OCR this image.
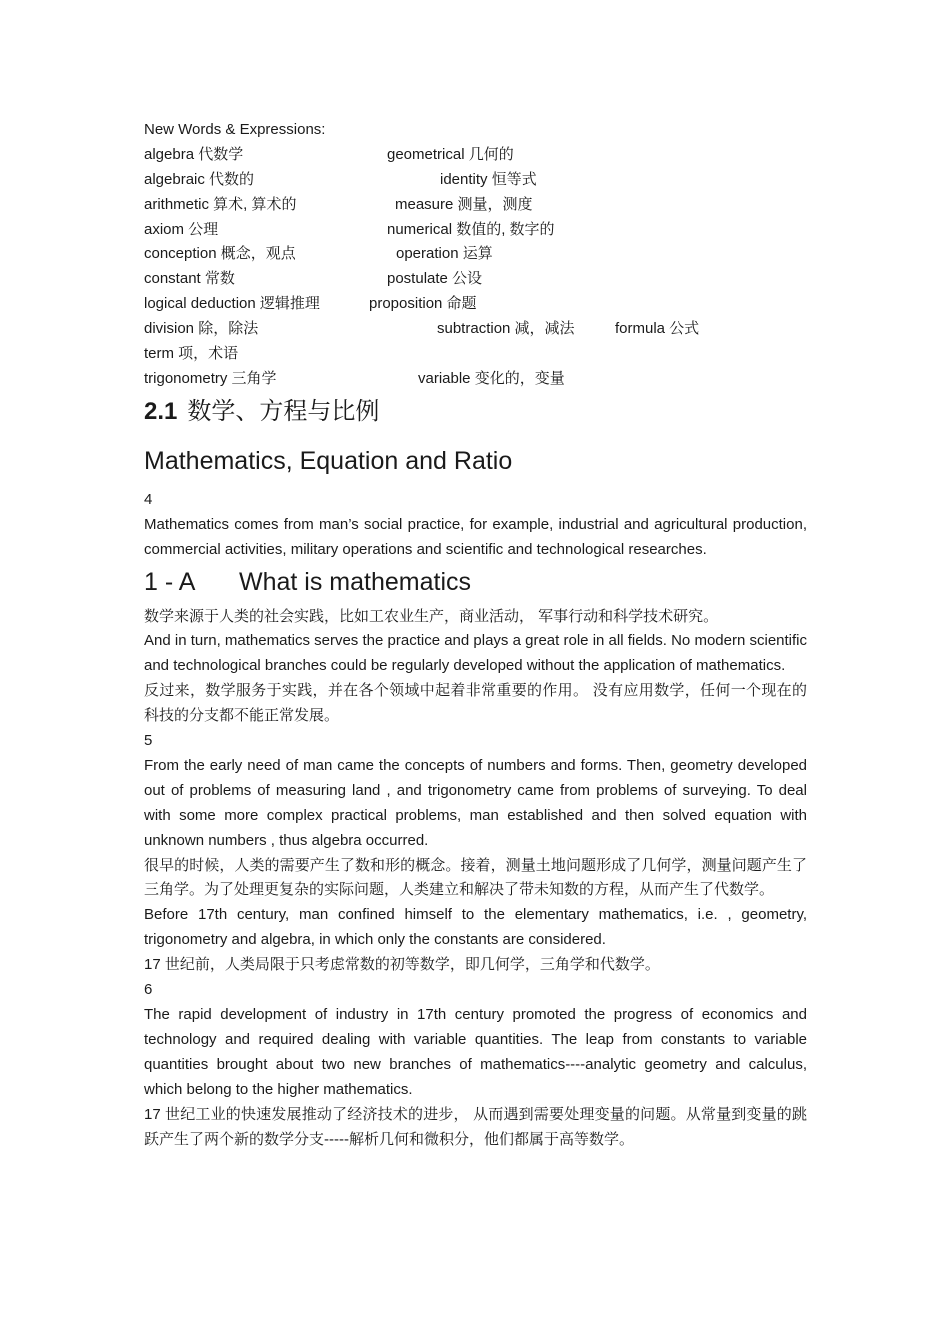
New Words & Expressions:
algebra 代数学	geometrical 几何的
algebraic 代数的	identity 恒等式
arithmetic 算术, 算术的	measure 测量，测度
axiom 公理	numerical 数值的, 数字的
conception 概念，观点	operation 运算
constant 常数	postulate 公设
logical deduction 逻辑推理	proposition 命题
division 除，除法	subtraction 减，减法	formula 公式
term 项，术语
trigonometry 三角学	variable 变化的，变量
2.1 数学、方程与比例
Mathematics, Equation and Ratio
4
Mathematics comes from man’s social practice, for example, industrial and agricultural production, commercial activities, military operations and scientific and technological researches.
1 - A What is mathematics
数学来源于人类的社会实践，比如工农业生产，商业活动， 军事行动和科学技术研究。
And in turn, mathematics serves the practice and plays a great role in all fields. No modern scientific and technological branches could be regularly developed without the application of mathematics.
反过来，数学服务于实践，并在各个领域中起着非常重要的作用。 没有应用数学，任何一个现在的科技的分支都不能正常发展。
5
From the early need of man came the concepts of numbers and forms. Then, geometry developed out of problems of measuring land , and trigonometry came from problems of surveying. To deal with some more complex practical problems, man established and then solved equation with unknown numbers , thus algebra occurred.
很早的时候，人类的需要产生了数和形的概念。接着，测量土地问题形成了几何学，测量问题产生了三角学。为了处理更复杂的实际问题，人类建立和解决了带未知数的方程，从而产生了代数学。
Before 17th century, man confined himself to the elementary mathematics, i.e. , geometry, trigonometry and algebra, in which only the constants are considered.
17 世纪前，人类局限于只考虑常数的初等数学，即几何学，三角学和代数学。
6
The rapid development of industry in 17th century promoted the progress of economics and technology and required dealing with variable quantities. The leap from constants to variable quantities brought about two new branches of mathematics----analytic geometry and calculus, which belong to the higher mathematics.
17 世纪工业的快速发展推动了经济技术的进步， 从而遇到需要处理变量的问题。从常量到变量的跳跃产生了两个新的数学分支-----解析几何和微积分，他们都属于高等数学。
